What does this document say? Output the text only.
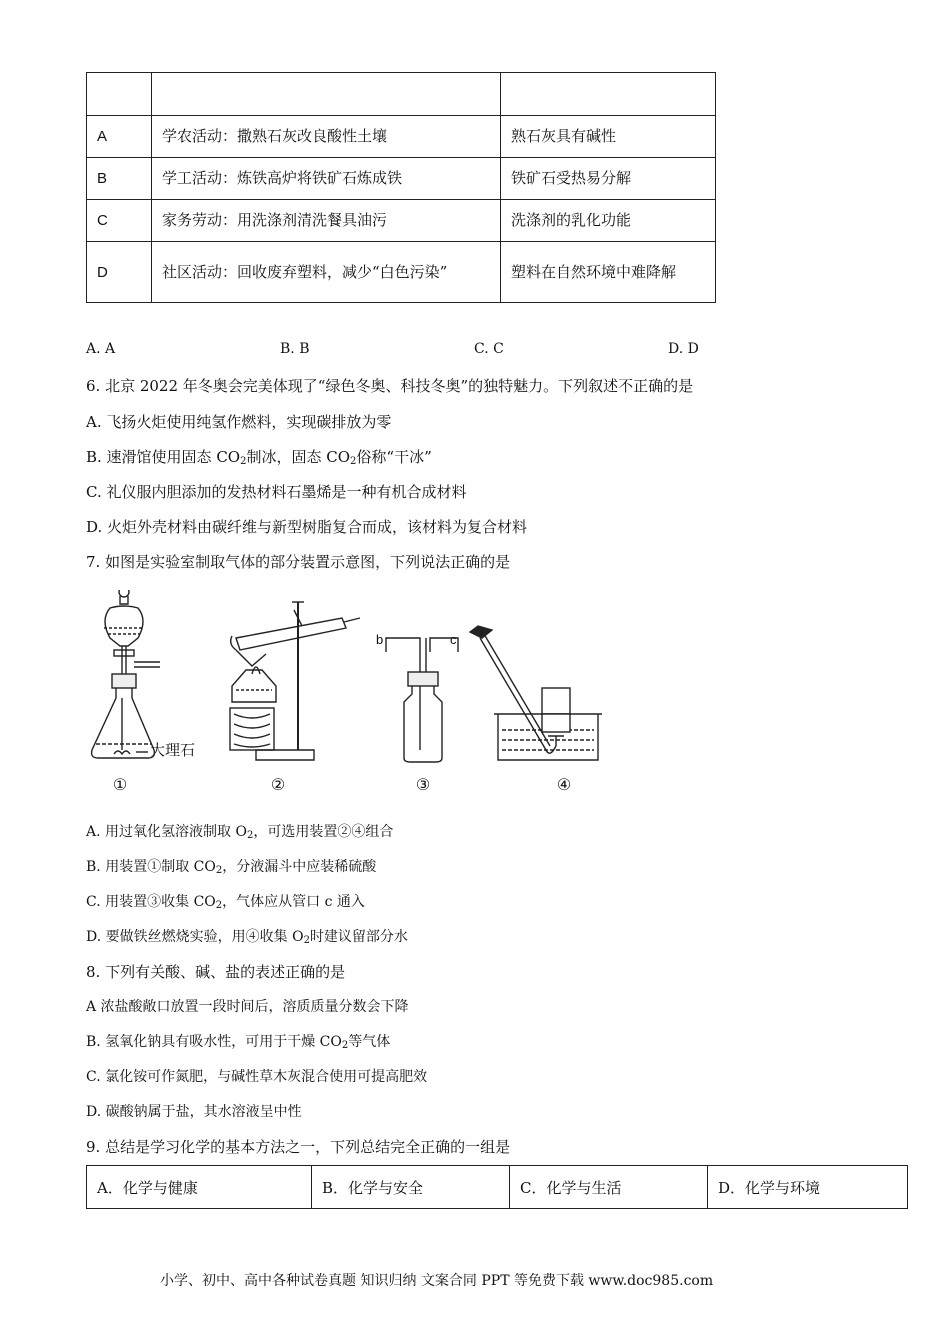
A	学农活动：撒熟石灰改良酸性土壤	熟石灰具有碱性
B	学工活动：炼铁高炉将铁矿石炼成铁	铁矿石受热易分解
C	家务劳动：用洗涤剂清洗餐具油污	洗涤剂的乳化功能
D	社区活动：回收废弃塑料，减少“白色污染”	塑料在自然环境中难降解
A. A	B. B	C. C	D. D
6. 北京 2022 年冬奥会完美体现了“绿色冬奥、科技冬奥”的独特魅力。下列叙述不正确的是
A. 飞扬火炬使用纯氢作燃料，实现碳排放为零
B. 速滑馆使用固态 $CO_2$制冰，固态 $CO_2$俗称“干冰”
C. 礼仪服内胆添加的发热材料石墨烯是一种有机合成材料
D. 火炬外壳材料由碳纤维与新型树脂复合而成，该材料为复合材料
7. 如图是实验室制取气体的部分装置示意图，下列说法正确的是
大理石
b	c
①	②	③	④
A. 用过氧化氢溶液制取 $O_2$，可选用装置②④组合
B. 用装置①制取 $CO_2$，分液漏斗中应装稀硫酸
C. 用装置③收集 $CO_2$，气体应从管口 c 通入
D. 要做铁丝燃烧实验，用④收集 $O_2$时建议留部分水
8. 下列有关酸、碱、盐的表述正确的是
A 浓盐酸敞口放置一段时间后，溶质质量分数会下降
B. 氢氧化钠具有吸水性，可用于干燥 $CO_2$等气体
C. 氯化铵可作氮肥，与碱性草木灰混合使用可提高肥效
D. 碳酸钠属于盐，其水溶液呈中性
9. 总结是学习化学的基本方法之一，下列总结完全正确的一组是
A．化学与健康	B．化学与安全	C．化学与生活	D．化学与环境
小学、初中、高中各种试卷真题 知识归纳 文案合同 PPT 等免费下载 www.doc985.com
